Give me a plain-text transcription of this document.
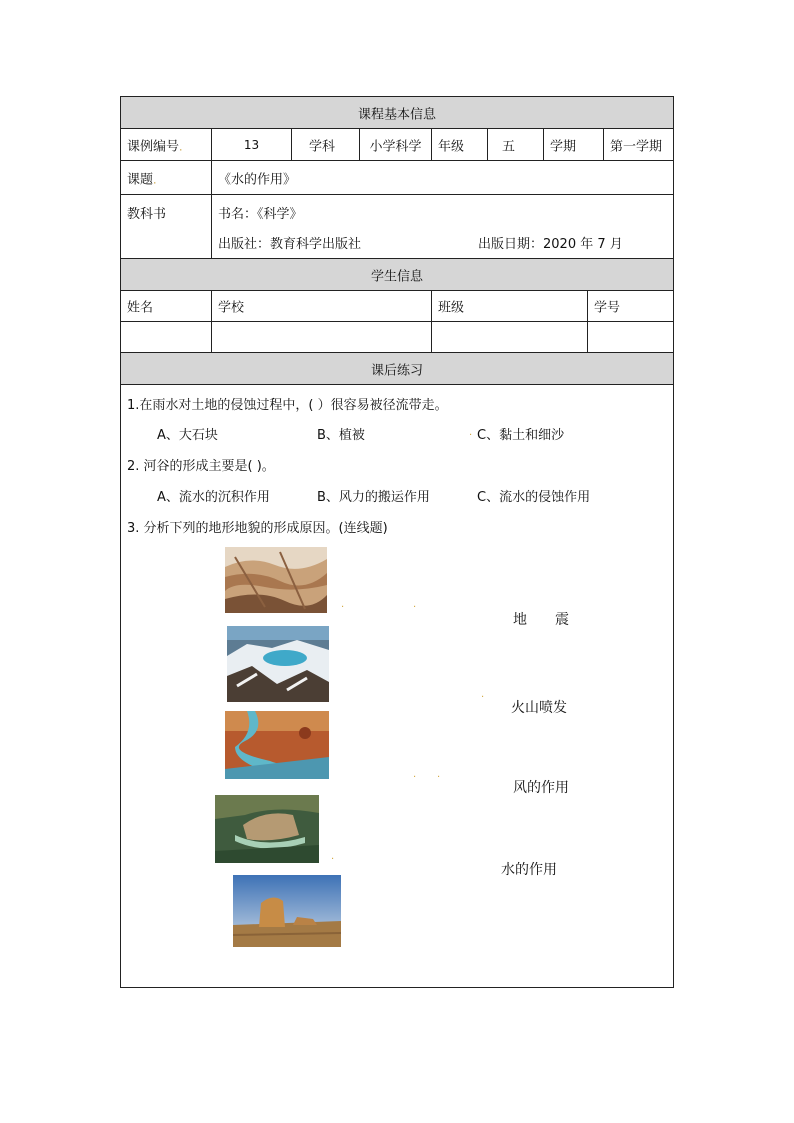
课程基本信息
课例编号.	13	学科	小学科学	年级	五	学期	第一学期
课题.	《水的作用》
教科书	书名：《科学》
出版社：教育科学出版社	出版日期：2020 年 7 月
学生信息
姓名	学校	班级	学号
课后练习
1.在雨水对土地的侵蚀过程中，( ）很容易被径流带走。
A、大石块	B、植被	. C、黏土和细沙
2. 河谷的形成主要是( )。
A、流水的沉积作用	B、风力的搬运作用	C、流水的侵蚀作用
3. 分析下列的地形地貌的形成原因。(连线题)
.	.
.
. .
.
地　　震
火山喷发
风的作用
水的作用
